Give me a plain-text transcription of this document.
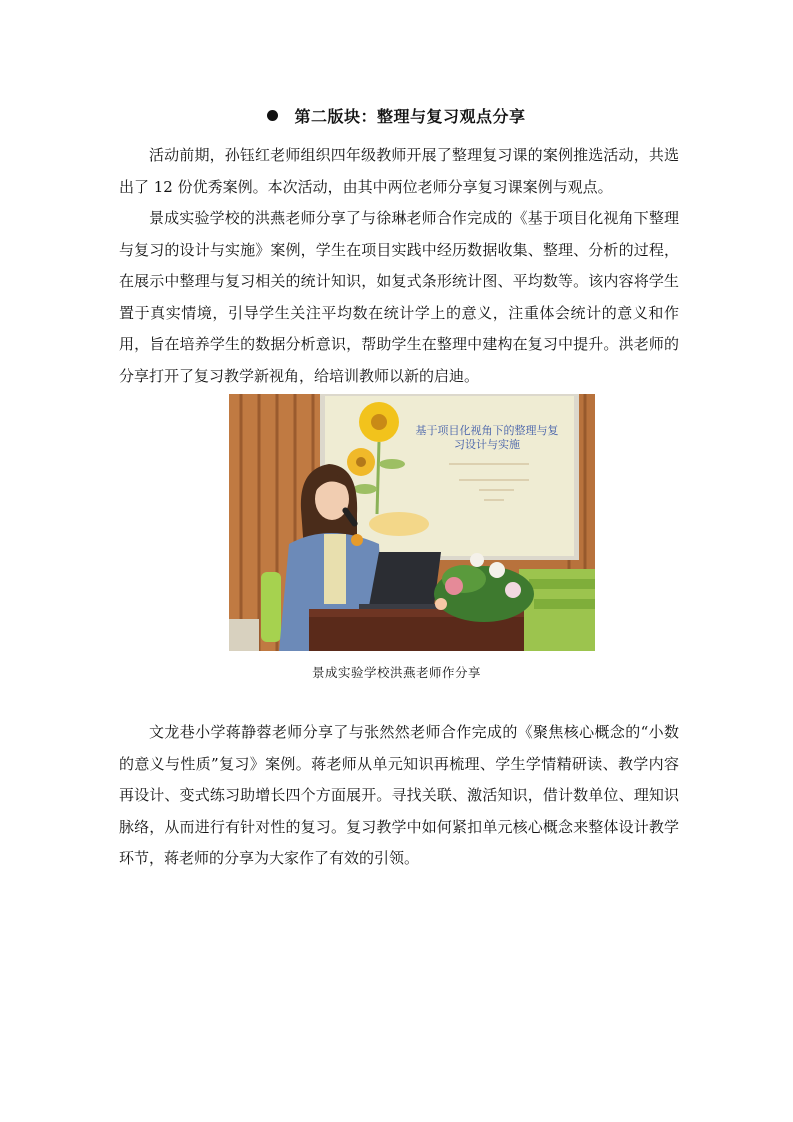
第二版块：整理与复习观点分享

活动前期，孙钰红老师组织四年级教师开展了整理复习课的案例推选活动，共选出了 12 份优秀案例。本次活动，由其中两位老师分享复习课案例与观点。

景成实验学校的洪燕老师分享了与徐琳老师合作完成的《基于项目化视角下整理与复习的设计与实施》案例，学生在项目实践中经历数据收集、整理、分析的过程，在展示中整理与复习相关的统计知识，如复式条形统计图、平均数等。该内容将学生置于真实情境，引导学生关注平均数在统计学上的意义，注重体会统计的意义和作用，旨在培养学生的数据分析意识，帮助学生在整理中建构在复习中提升。洪老师的分享打开了复习教学新视角，给培训教师以新的启迪。

基于项目化视角下的整理与复
习设计与实施
景成实验学校洪燕老师作分享

文龙巷小学蒋静蓉老师分享了与张然然老师合作完成的《聚焦核心概念的“小数的意义与性质”复习》案例。蒋老师从单元知识再梳理、学生学情精研读、教学内容再设计、变式练习助增长四个方面展开。寻找关联、激活知识，借计数单位、理知识脉络，从而进行有针对性的复习。复习教学中如何紧扣单元核心概念来整体设计教学环节，蒋老师的分享为大家作了有效的引领。
